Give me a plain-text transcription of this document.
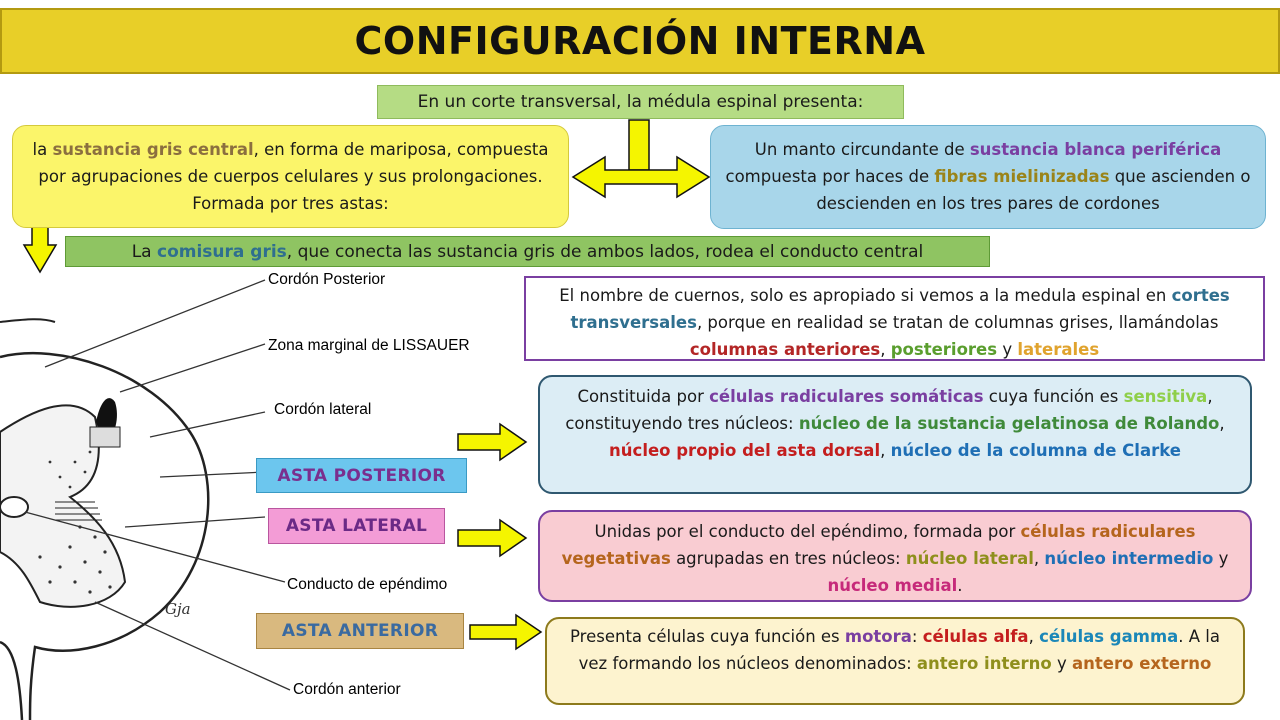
CONFIGURACIÓN INTERNA
En un corte transversal, la médula espinal presenta:
la sustancia gris central, en forma de mariposa, compuesta por agrupaciones de cuerpos celulares y sus prolongaciones. Formada por tres astas:
Un manto circundante de sustancia blanca periférica compuesta por haces de fibras mielinizadas que ascienden o descienden en los tres pares de cordones
La comisura gris, que conecta las sustancia gris de ambos lados, rodea el conducto central
Cordón Posterior
Zona marginal de LISSAUER
Cordón lateral
Conducto de epéndimo
Cordón anterior
Gja
El nombre de cuernos, solo es apropiado si vemos a la medula espinal en cortes transversales, porque en realidad se tratan de columnas grises, llamándolas columnas anteriores, posteriores y laterales
ASTA POSTERIOR
ASTA LATERAL
ASTA ANTERIOR
Constituida por células radiculares somáticas cuya función es sensitiva, constituyendo tres núcleos: núcleo de la sustancia gelatinosa de Rolando, núcleo propio del asta dorsal, núcleo de la columna de Clarke
Unidas por el conducto del epéndimo, formada por células radiculares vegetativas agrupadas en tres núcleos: núcleo lateral, núcleo intermedio y núcleo medial.
Presenta células cuya función es motora: células alfa, células gamma. A la vez formando los núcleos denominados: antero interno y antero externo
